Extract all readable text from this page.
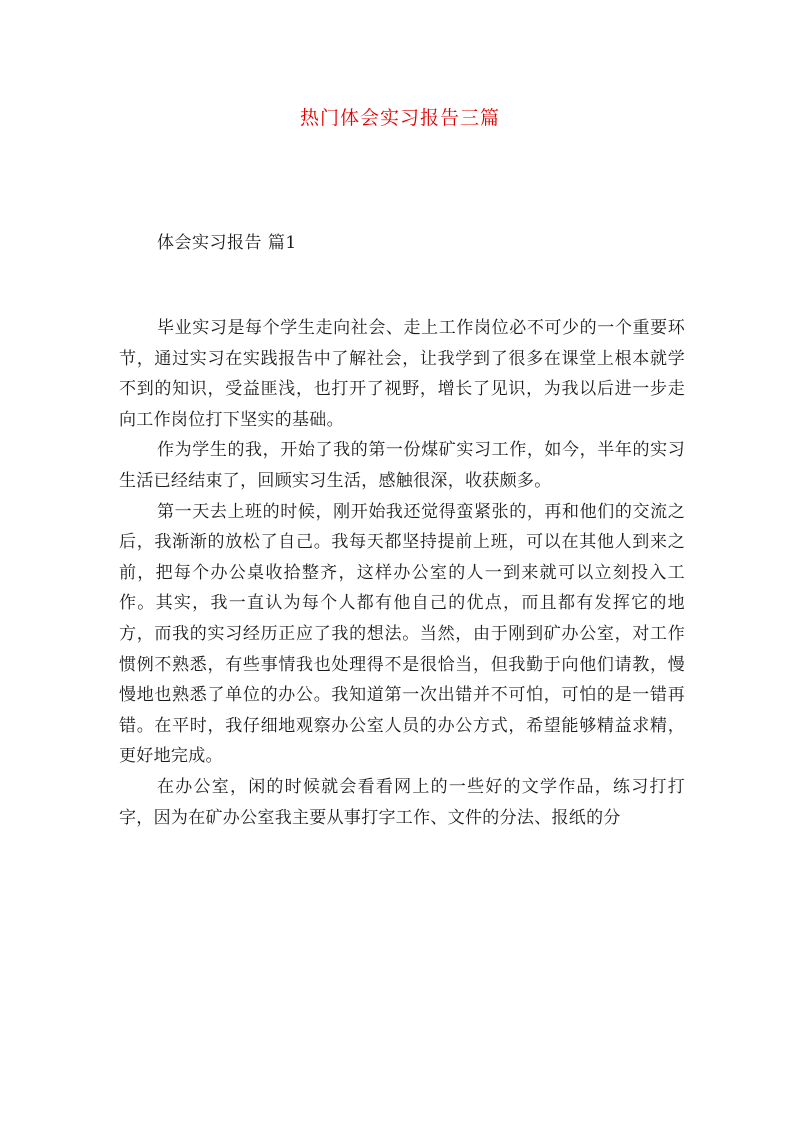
热门体会实习报告三篇
体会实习报告 篇1

毕业实习是每个学生走向社会、走上工作岗位必不可少的一个重要环节，通过实习在实践报告中了解社会，让我学到了很多在课堂上根本就学不到的知识，受益匪浅，也打开了视野，增长了见识，为我以后进一步走向工作岗位打下坚实的基础。

作为学生的我，开始了我的第一份煤矿实习工作，如今，半年的实习生活已经结束了，回顾实习生活，感触很深，收获颇多。

第一天去上班的时候，刚开始我还觉得蛮紧张的，再和他们的交流之后，我渐渐的放松了自己。我每天都坚持提前上班，可以在其他人到来之前，把每个办公桌收拾整齐，这样办公室的人一到来就可以立刻投入工作。其实，我一直认为每个人都有他自己的优点，而且都有发挥它的地方，而我的实习经历正应了我的想法。当然，由于刚到矿办公室，对工作惯例不熟悉，有些事情我也处理得不是很恰当，但我勤于向他们请教，慢慢地也熟悉了单位的办公。我知道第一次出错并不可怕，可怕的是一错再错。在平时，我仔细地观察办公室人员的办公方式，希望能够精益求精，更好地完成。

在办公室，闲的时候就会看看网上的一些好的文学作品，练习打打字，因为在矿办公室我主要从事打字工作、文件的分法、报纸的分
